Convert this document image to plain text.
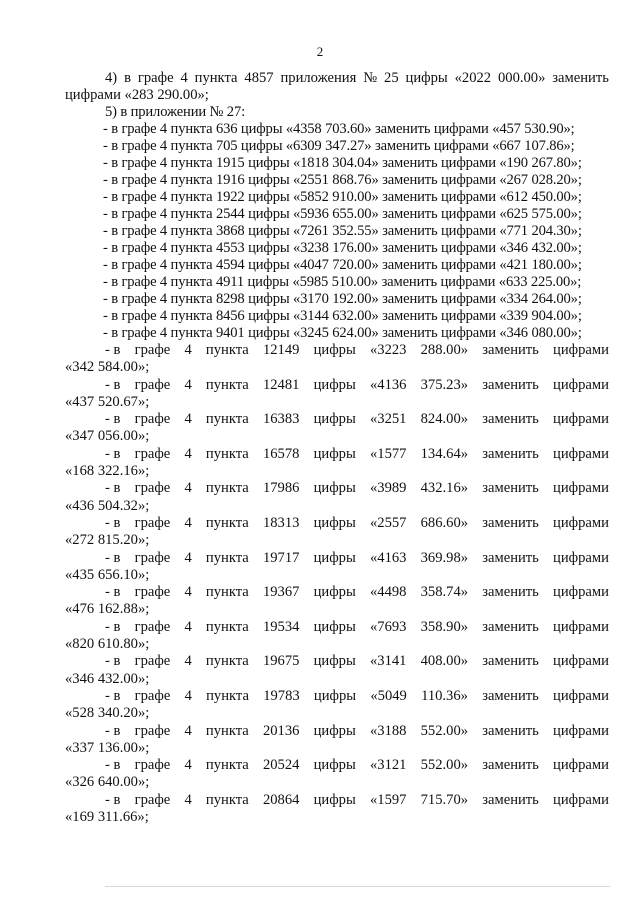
2
4) в графе 4 пункта 4857 приложения № 25 цифры «2022 000.00» заменить
цифрами «283 290.00»;
5) в приложении № 27:
- в графе 4 пункта 636 цифры «4358 703.60» заменить цифрами «457 530.90»;
- в графе 4 пункта 705 цифры «6309 347.27» заменить цифрами «667 107.86»;
- в графе 4 пункта 1915 цифры «1818 304.04» заменить цифрами «190 267.80»;
- в графе 4 пункта 1916 цифры «2551 868.76» заменить цифрами «267 028.20»;
- в графе 4 пункта 1922 цифры «5852 910.00» заменить цифрами «612 450.00»;
- в графе 4 пункта 2544 цифры «5936 655.00» заменить цифрами «625 575.00»;
- в графе 4 пункта 3868 цифры «7261 352.55» заменить цифрами «771 204.30»;
- в графе 4 пункта 4553 цифры «3238 176.00» заменить цифрами «346 432.00»;
- в графе 4 пункта 4594 цифры «4047 720.00» заменить цифрами «421 180.00»;
- в графе 4 пункта 4911 цифры «5985 510.00» заменить цифрами «633 225.00»;
- в графе 4 пункта 8298 цифры «3170 192.00» заменить цифрами «334 264.00»;
- в графе 4 пункта 8456 цифры «3144 632.00» заменить цифрами «339 904.00»;
- в графе 4 пункта 9401 цифры «3245 624.00» заменить цифрами «346 080.00»;
- в графе 4 пункта 12149 цифры «3223 288.00» заменить цифрами
«342 584.00»;
- в графе 4 пункта 12481 цифры «4136 375.23» заменить цифрами
«437 520.67»;
- в графе 4 пункта 16383 цифры «3251 824.00» заменить цифрами
«347 056.00»;
- в графе 4 пункта 16578 цифры «1577 134.64» заменить цифрами
«168 322.16»;
- в графе 4 пункта 17986 цифры «3989 432.16» заменить цифрами
«436 504.32»;
- в графе 4 пункта 18313 цифры «2557 686.60» заменить цифрами
«272 815.20»;
- в графе 4 пункта 19717 цифры «4163 369.98» заменить цифрами
«435 656.10»;
- в графе 4 пункта 19367 цифры «4498 358.74» заменить цифрами
«476 162.88»;
- в графе 4 пункта 19534 цифры «7693 358.90» заменить цифрами
«820 610.80»;
- в графе 4 пункта 19675 цифры «3141 408.00» заменить цифрами
«346 432.00»;
- в графе 4 пункта 19783 цифры «5049 110.36» заменить цифрами
«528 340.20»;
- в графе 4 пункта 20136 цифры «3188 552.00» заменить цифрами
«337 136.00»;
- в графе 4 пункта 20524 цифры «3121 552.00» заменить цифрами
«326 640.00»;
- в графе 4 пункта 20864 цифры «1597 715.70» заменить цифрами
«169 311.66»;
